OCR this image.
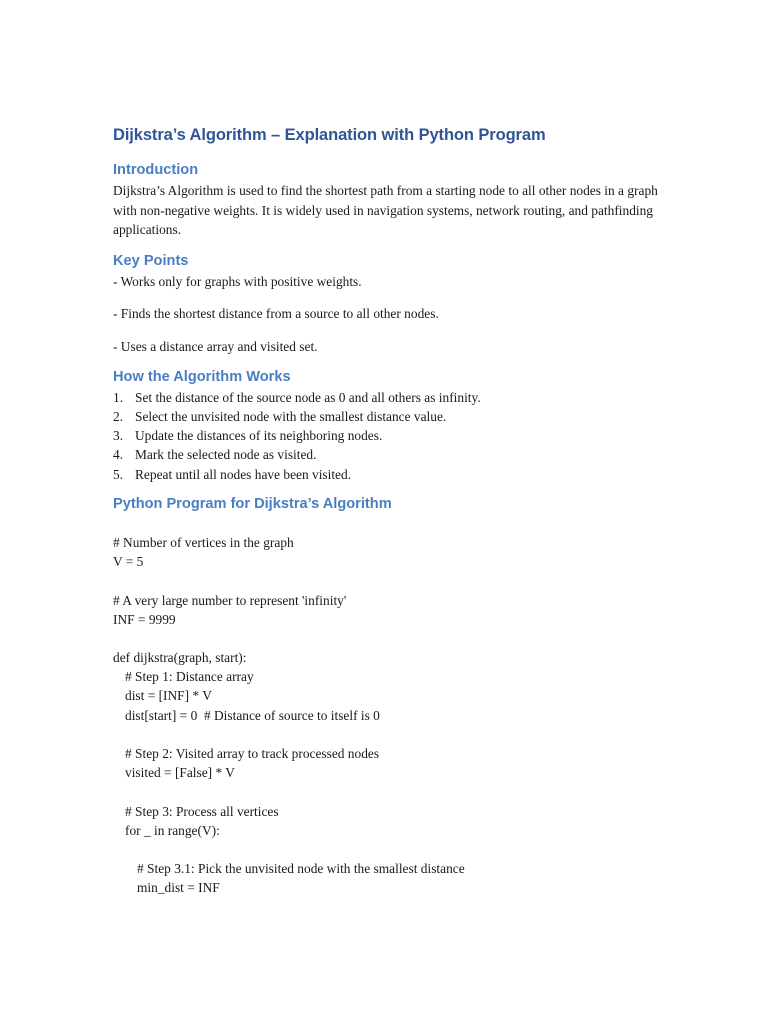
Dijkstra’s Algorithm – Explanation with Python Program
Introduction

Dijkstra’s Algorithm is used to find the shortest path from a starting node to all other nodes in a graph with non-negative weights. It is widely used in navigation systems, network routing, and pathfinding applications.

Key Points

- Works only for graphs with positive weights.

- Finds the shortest distance from a source to all other nodes.

- Uses a distance array and visited set.

How the Algorithm Works
1. Set the distance of the source node as 0 and all others as infinity.
2. Select the unvisited node with the smallest distance value.
3. Update the distances of its neighboring nodes.
4. Mark the selected node as visited.
5. Repeat until all nodes have been visited.
Python Program for Dijkstra’s Algorithm
# Number of vertices in the graph
V = 5
# A very large number to represent 'infinity'
INF = 9999
def dijkstra(graph, start):
# Step 1: Distance array
dist = [INF] * V
dist[start] = 0  # Distance of source to itself is 0
# Step 2: Visited array to track processed nodes
visited = [False] * V
# Step 3: Process all vertices
for _ in range(V):
# Step 3.1: Pick the unvisited node with the smallest distance
min_dist = INF
